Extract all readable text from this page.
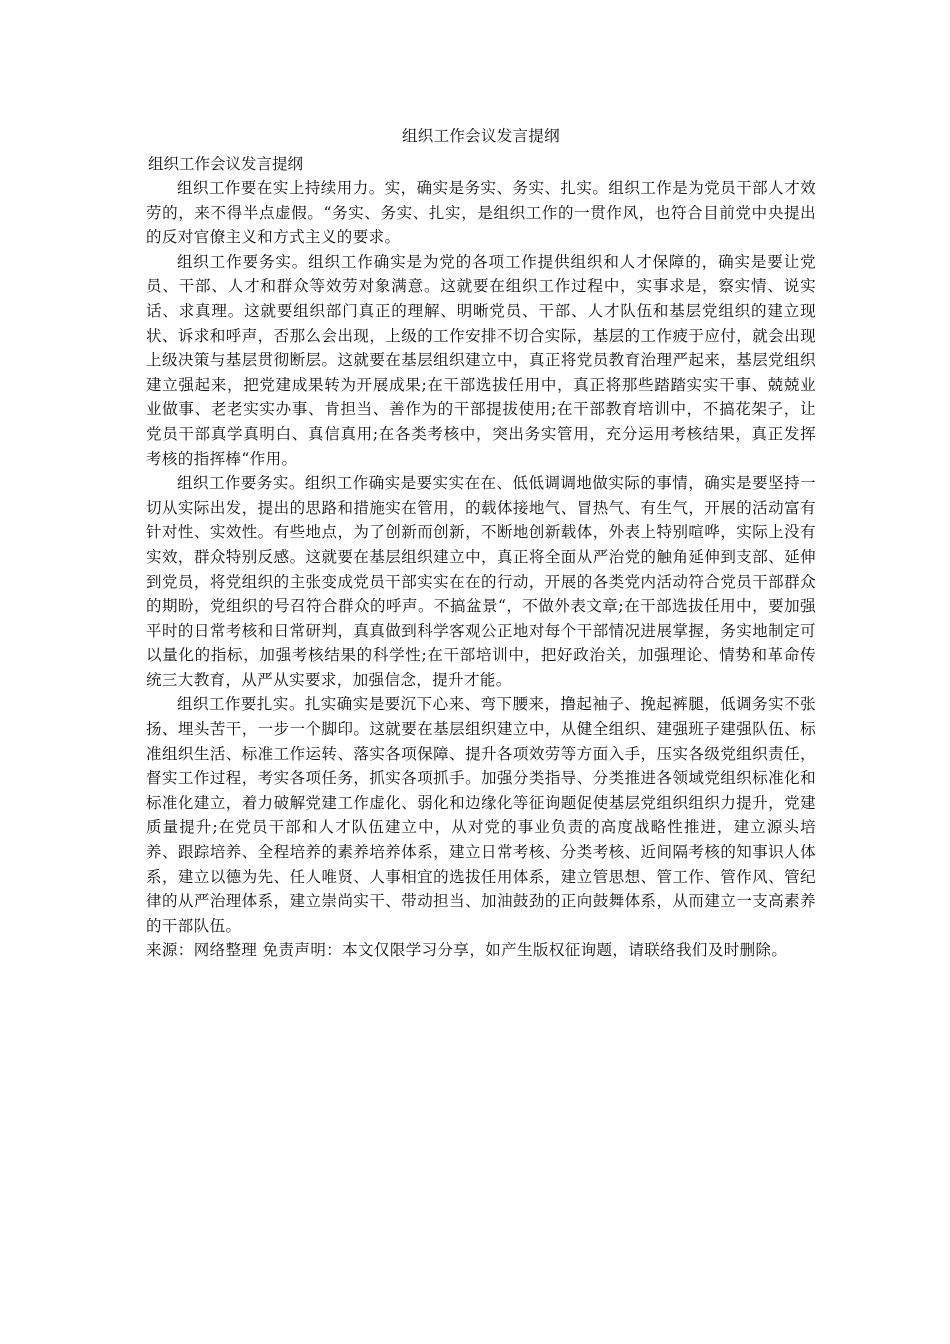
组织工作会议发言提纲

组织工作会议发言提纲

组织工作要在实上持续用力。实，确实是务实、务实、扎实。组织工作是为党员干部人才效劳的，来不得半点虚假。“务实、务实、扎实，是组织工作的一贯作风，也符合目前党中央提出的反对官僚主义和方式主义的要求。

组织工作要务实。组织工作确实是为党的各项工作提供组织和人才保障的，确实是要让党员、干部、人才和群众等效劳对象满意。这就要在组织工作过程中，实事求是，察实情、说实话、求真理。这就要组织部门真正的理解、明晰党员、干部、人才队伍和基层党组织的建立现状、诉求和呼声，否那么会出现，上级的工作安排不切合实际，基层的工作疲于应付，就会出现上级决策与基层贯彻断层。这就要在基层组织建立中，真正将党员教育治理严起来，基层党组织建立强起来，把党建成果转为开展成果;在干部选拔任用中，真正将那些踏踏实实干事、兢兢业业做事、老老实实办事、肯担当、善作为的干部提拔使用;在干部教育培训中，不搞花架子，让党员干部真学真明白、真信真用;在各类考核中，突出务实管用，充分运用考核结果，真正发挥考核的指挥棒“作用。

组织工作要务实。组织工作确实是要实实在在、低低调调地做实际的事情，确实是要坚持一切从实际出发，提出的思路和措施实在管用，的载体接地气、冒热气、有生气，开展的活动富有针对性、实效性。有些地点，为了创新而创新，不断地创新载体，外表上特别喧哗，实际上没有实效，群众特别反感。这就要在基层组织建立中，真正将全面从严治党的触角延伸到支部、延伸到党员，将党组织的主张变成党员干部实实在在的行动，开展的各类党内活动符合党员干部群众的期盼，党组织的号召符合群众的呼声。不搞盆景“，不做外表文章;在干部选拔任用中，要加强平时的日常考核和日常研判，真真做到科学客观公正地对每个干部情况进展掌握，务实地制定可以量化的指标，加强考核结果的科学性;在干部培训中，把好政治关，加强理论、情势和革命传统三大教育，从严从实要求，加强信念，提升才能。

组织工作要扎实。扎实确实是要沉下心来、弯下腰来，撸起袖子、挽起裤腿，低调务实不张扬、埋头苦干，一步一个脚印。这就要在基层组织建立中，从健全组织、建强班子建强队伍、标准组织生活、标准工作运转、落实各项保障、提升各项效劳等方面入手，压实各级党组织责任，督实工作过程，考实各项任务，抓实各项抓手。加强分类指导、分类推进各领域党组织标准化和标准化建立，着力破解党建工作虚化、弱化和边缘化等征询题促使基层党组织组织力提升，党建质量提升;在党员干部和人才队伍建立中，从对党的事业负责的高度战略性推进，建立源头培养、跟踪培养、全程培养的素养培养体系，建立日常考核、分类考核、近间隔考核的知事识人体系，建立以德为先、任人唯贤、人事相宜的选拔任用体系，建立管思想、管工作、管作风、管纪律的从严治理体系，建立崇尚实干、带动担当、加油鼓劲的正向鼓舞体系，从而建立一支高素养的干部队伍。

来源：网络整理 免责声明：本文仅限学习分享，如产生版权征询题，请联络我们及时删除。
